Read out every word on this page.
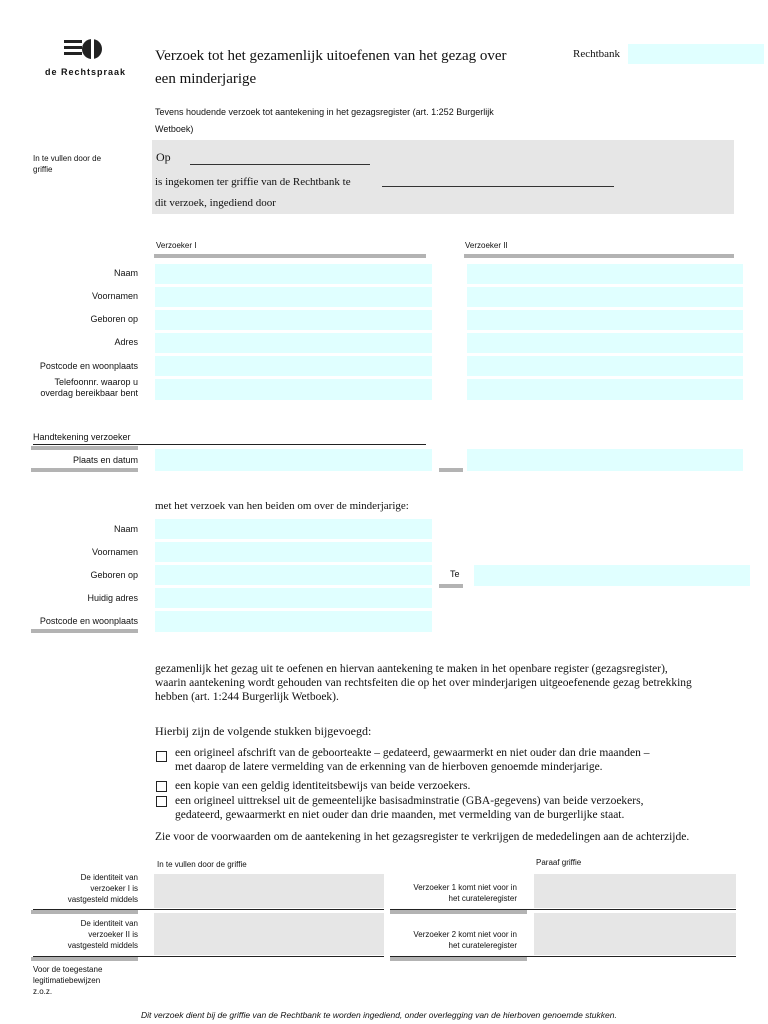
de Rechtspraak
Verzoek tot het gezamenlijk uitoefenen van het gezag over
een minderjarige
Rechtbank
Tevens houdende verzoek tot aantekening in het gezagsregister (art. 1:252 Burgerlijk
Wetboek)
In te vullen door de
griffie
Op
is ingekomen ter griffie van de Rechtbank te
dit verzoek, ingediend door
Verzoeker I	Verzoeker II
Naam
Voornamen
Geboren op
Adres
Postcode en woonplaats
Telefoonnr. waarop u
overdag bereikbaar bent
Handtekening verzoeker
Plaats en datum
met het verzoek van hen beiden om over de minderjarige:
Naam
Voornamen
Geboren op
Huidig adres
Postcode en woonplaats
Te
gezamenlijk het gezag uit te oefenen en hiervan aantekening te maken in het openbare register (gezagsregister),
waarin aantekening wordt gehouden van rechtsfeiten die op het over minderjarigen uitgeoefenende gezag betrekking
hebben (art. 1:244 Burgerlijk Wetboek).
Hierbij zijn de volgende stukken bijgevoegd:
een origineel afschrift van de geboorteakte – gedateerd, gewaarmerkt en niet ouder dan drie maanden –
met daarop de latere vermelding van de erkenning van de hierboven genoemde minderjarige.
een kopie van een geldig identiteitsbewijs van beide verzoekers.
een origineel uittreksel uit de gemeentelijke basisadminstratie (GBA-gegevens) van beide verzoekers,
gedateerd, gewaarmerkt en niet ouder dan drie maanden, met vermelding van de burgerlijke staat.
Zie voor de voorwaarden om de aantekening in het gezagsregister te verkrijgen de mededelingen aan de achterzijde.
In te vullen door de griffie	Paraaf griffie
De identiteit van
verzoeker I is
vastgesteld middels
De identiteit van
verzoeker II is
vastgesteld middels
Verzoeker 1 komt niet voor in
het curateleregister
Verzoeker 2 komt niet voor in
het curateleregister
Voor de toegestane
legitimatiebewijzen
z.o.z.
Dit verzoek dient bij de griffie van de Rechtbank te worden ingediend, onder overlegging van de hierboven genoemde stukken.
